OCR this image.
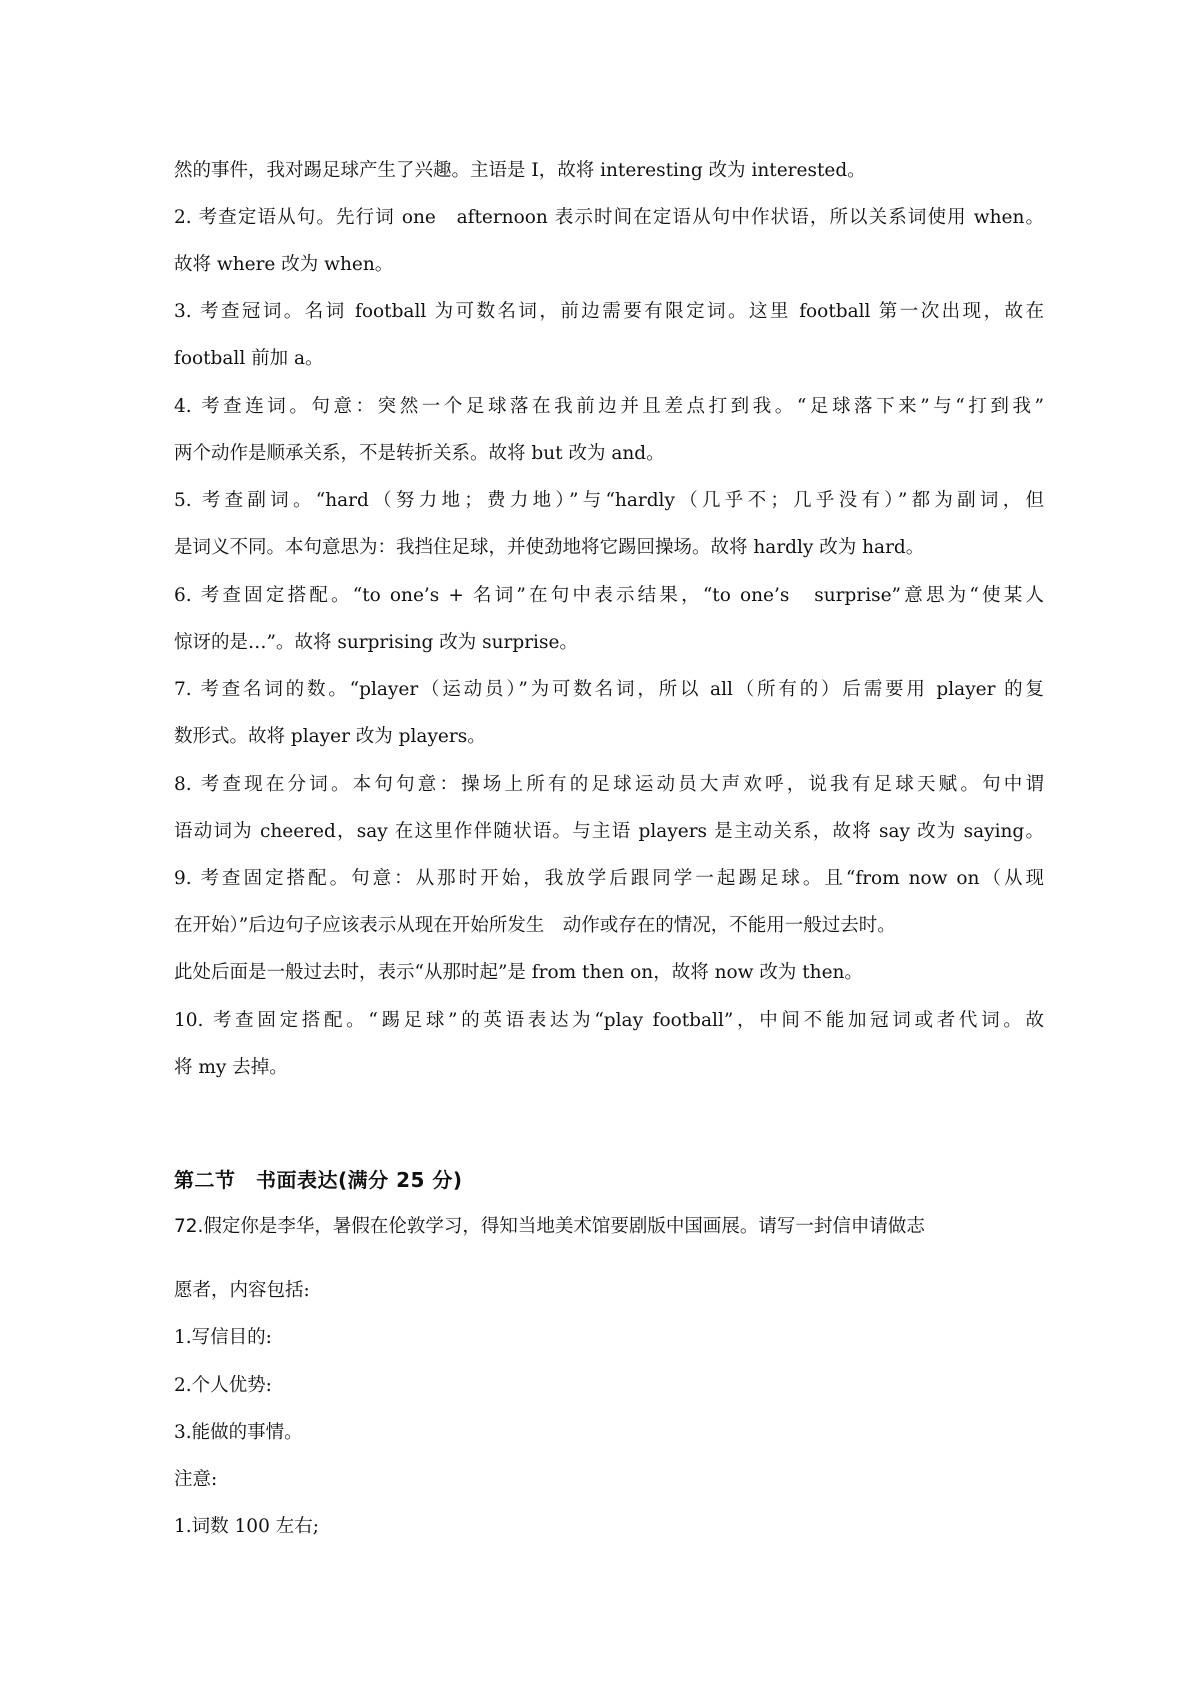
然的事件，我对踢足球产生了兴趣。主语是 I，故将 interesting 改为 interested。
2. 考查定语从句。先行词 one　afternoon 表示时间在定语从句中作状语，所以关系词使用 when。
故将 where 改为 when。
3. 考查冠词。名词 football 为可数名词，前边需要有限定词。这里 football 第一次出现，故在
football 前加 a。
4. 考查连词。句意：突然一个足球落在我前边并且差点打到我。“足球落下来”与“打到我”
两个动作是顺承关系，不是转折关系。故将 but 改为 and。
5. 考查副词。“hard（努力地；费力地）”与“hardly（几乎不；几乎没有）”都为副词，但
是词义不同。本句意思为：我挡住足球，并使劲地将它踢回操场。故将 hardly 改为 hard。
6. 考查固定搭配。“to one’s + 名词”在句中表示结果，“to one’s　surprise”意思为“使某人
惊讶的是…”。故将 surprising 改为 surprise。
7. 考查名词的数。“player（运动员）”为可数名词，所以 all（所有的）后需要用 player 的复
数形式。故将 player 改为 players。
8. 考查现在分词。本句句意：操场上所有的足球运动员大声欢呼，说我有足球天赋。句中谓
语动词为 cheered，say 在这里作伴随状语。与主语 players 是主动关系，故将 say 改为 saying。
9. 考查固定搭配。句意：从那时开始，我放学后跟同学一起踢足球。且“from now on（从现
在开始）”后边句子应该表示从现在开始所发生　动作或存在的情况，不能用一般过去时。
此处后面是一般过去时，表示“从那时起”是 from then on，故将 now 改为 then。
10. 考查固定搭配。“踢足球”的英语表达为“play football”，中间不能加冠词或者代词。故
将 my 去掉。
第二节　书面表达(满分 25 分)
72.假定你是李华，暑假在伦敦学习，得知当地美术馆要剧版中国画展。请写一封信申请做志
愿者，内容包括:
1.写信目的:
2.个人优势:
3.能做的事情。
注意:
1.词数 100 左右;
